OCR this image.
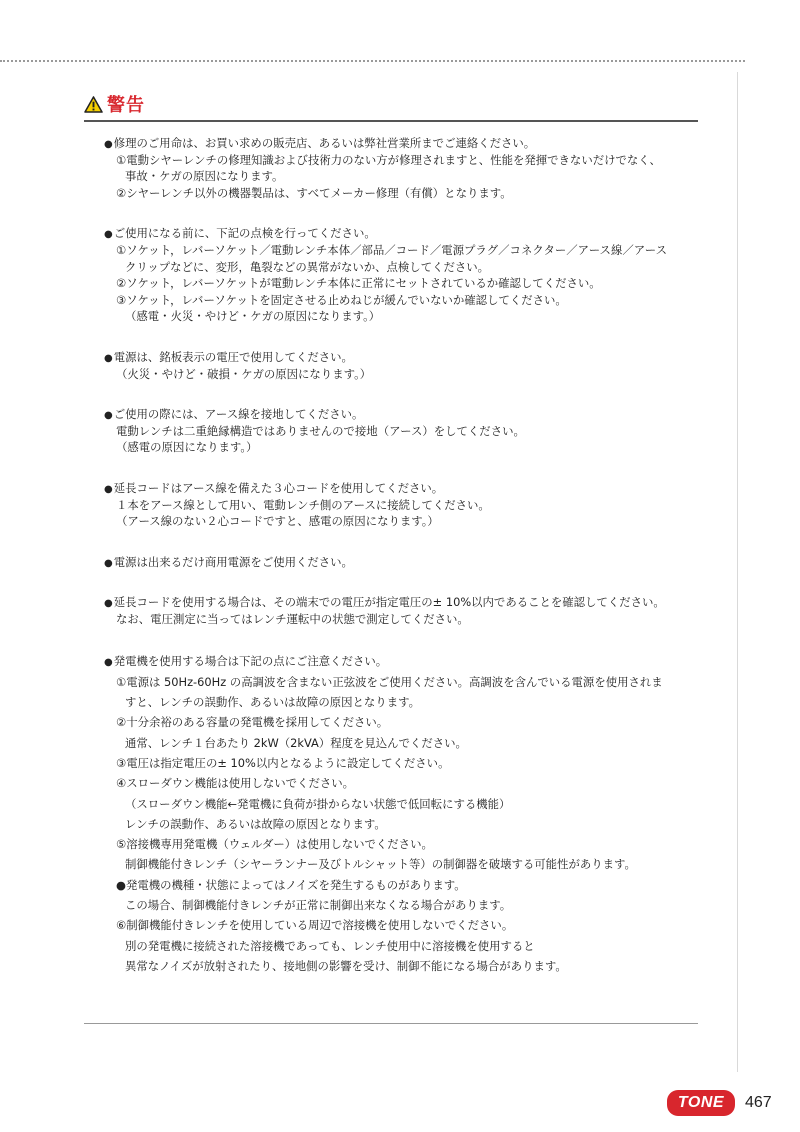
警告
● 修理のご用命は、お買い求めの販売店、あるいは弊社営業所までご連絡ください。
①電動シヤーレンチの修理知識および技術力のない方が修理されますと、性能を発揮できないだけでなく、
事故・ケガの原因になります。
②シヤーレンチ以外の機器製品は、すべてメーカー修理（有償）となります。
● ご使用になる前に、下記の点検を行ってください。
①ソケット，レバーソケット／電動レンチ本体／部品／コード／電源プラグ／コネクター／アース線／アース
クリップなどに、変形，亀裂などの異常がないか、点検してください。
②ソケット，レバーソケットが電動レンチ本体に正常にセットされているか確認してください。
③ソケット，レバーソケットを固定させる止めねじが緩んでいないか確認してください。
（感電・火災・やけど・ケガの原因になります。）
● 電源は、銘板表示の電圧で使用してください。
（火災・やけど・破損・ケガの原因になります。）
● ご使用の際には、アース線を接地してください。
電動レンチは二重絶縁構造ではありませんので接地（アース）をしてください。
（感電の原因になります。）
● 延長コードはアース線を備えた３心コードを使用してください。
１本をアース線として用い、電動レンチ側のアースに接続してください。
（アース線のない２心コードですと、感電の原因になります。）
● 電源は出来るだけ商用電源をご使用ください。
● 延長コードを使用する場合は、その端末での電圧が指定電圧の± 10%以内であることを確認してください。
なお、電圧測定に当ってはレンチ運転中の状態で測定してください。
● 発電機を使用する場合は下記の点にご注意ください。
①電源は 50Hz-60Hz の高調波を含まない正弦波をご使用ください。高調波を含んでいる電源を使用されま
すと、レンチの誤動作、あるいは故障の原因となります。
②十分余裕のある容量の発電機を採用してください。
通常、レンチ１台あたり 2kW（2kVA）程度を見込んでください。
③電圧は指定電圧の± 10%以内となるように設定してください。
④スローダウン機能は使用しないでください。
（スローダウン機能←発電機に負荷が掛からない状態で低回転にする機能）
レンチの誤動作、あるいは故障の原因となります。
⑤溶接機専用発電機（ウェルダー）は使用しないでください。
制御機能付きレンチ（シヤーランナー及びトルシャット等）の制御器を破壊する可能性があります。
●発電機の機種・状態によってはノイズを発生するものがあります。
この場合、制御機能付きレンチが正常に制御出来なくなる場合があります。
⑥制御機能付きレンチを使用している周辺で溶接機を使用しないでください。
別の発電機に接続された溶接機であっても、レンチ使用中に溶接機を使用すると
異常なノイズが放射されたり、接地側の影響を受け、制御不能になる場合があります。
TONE 467
